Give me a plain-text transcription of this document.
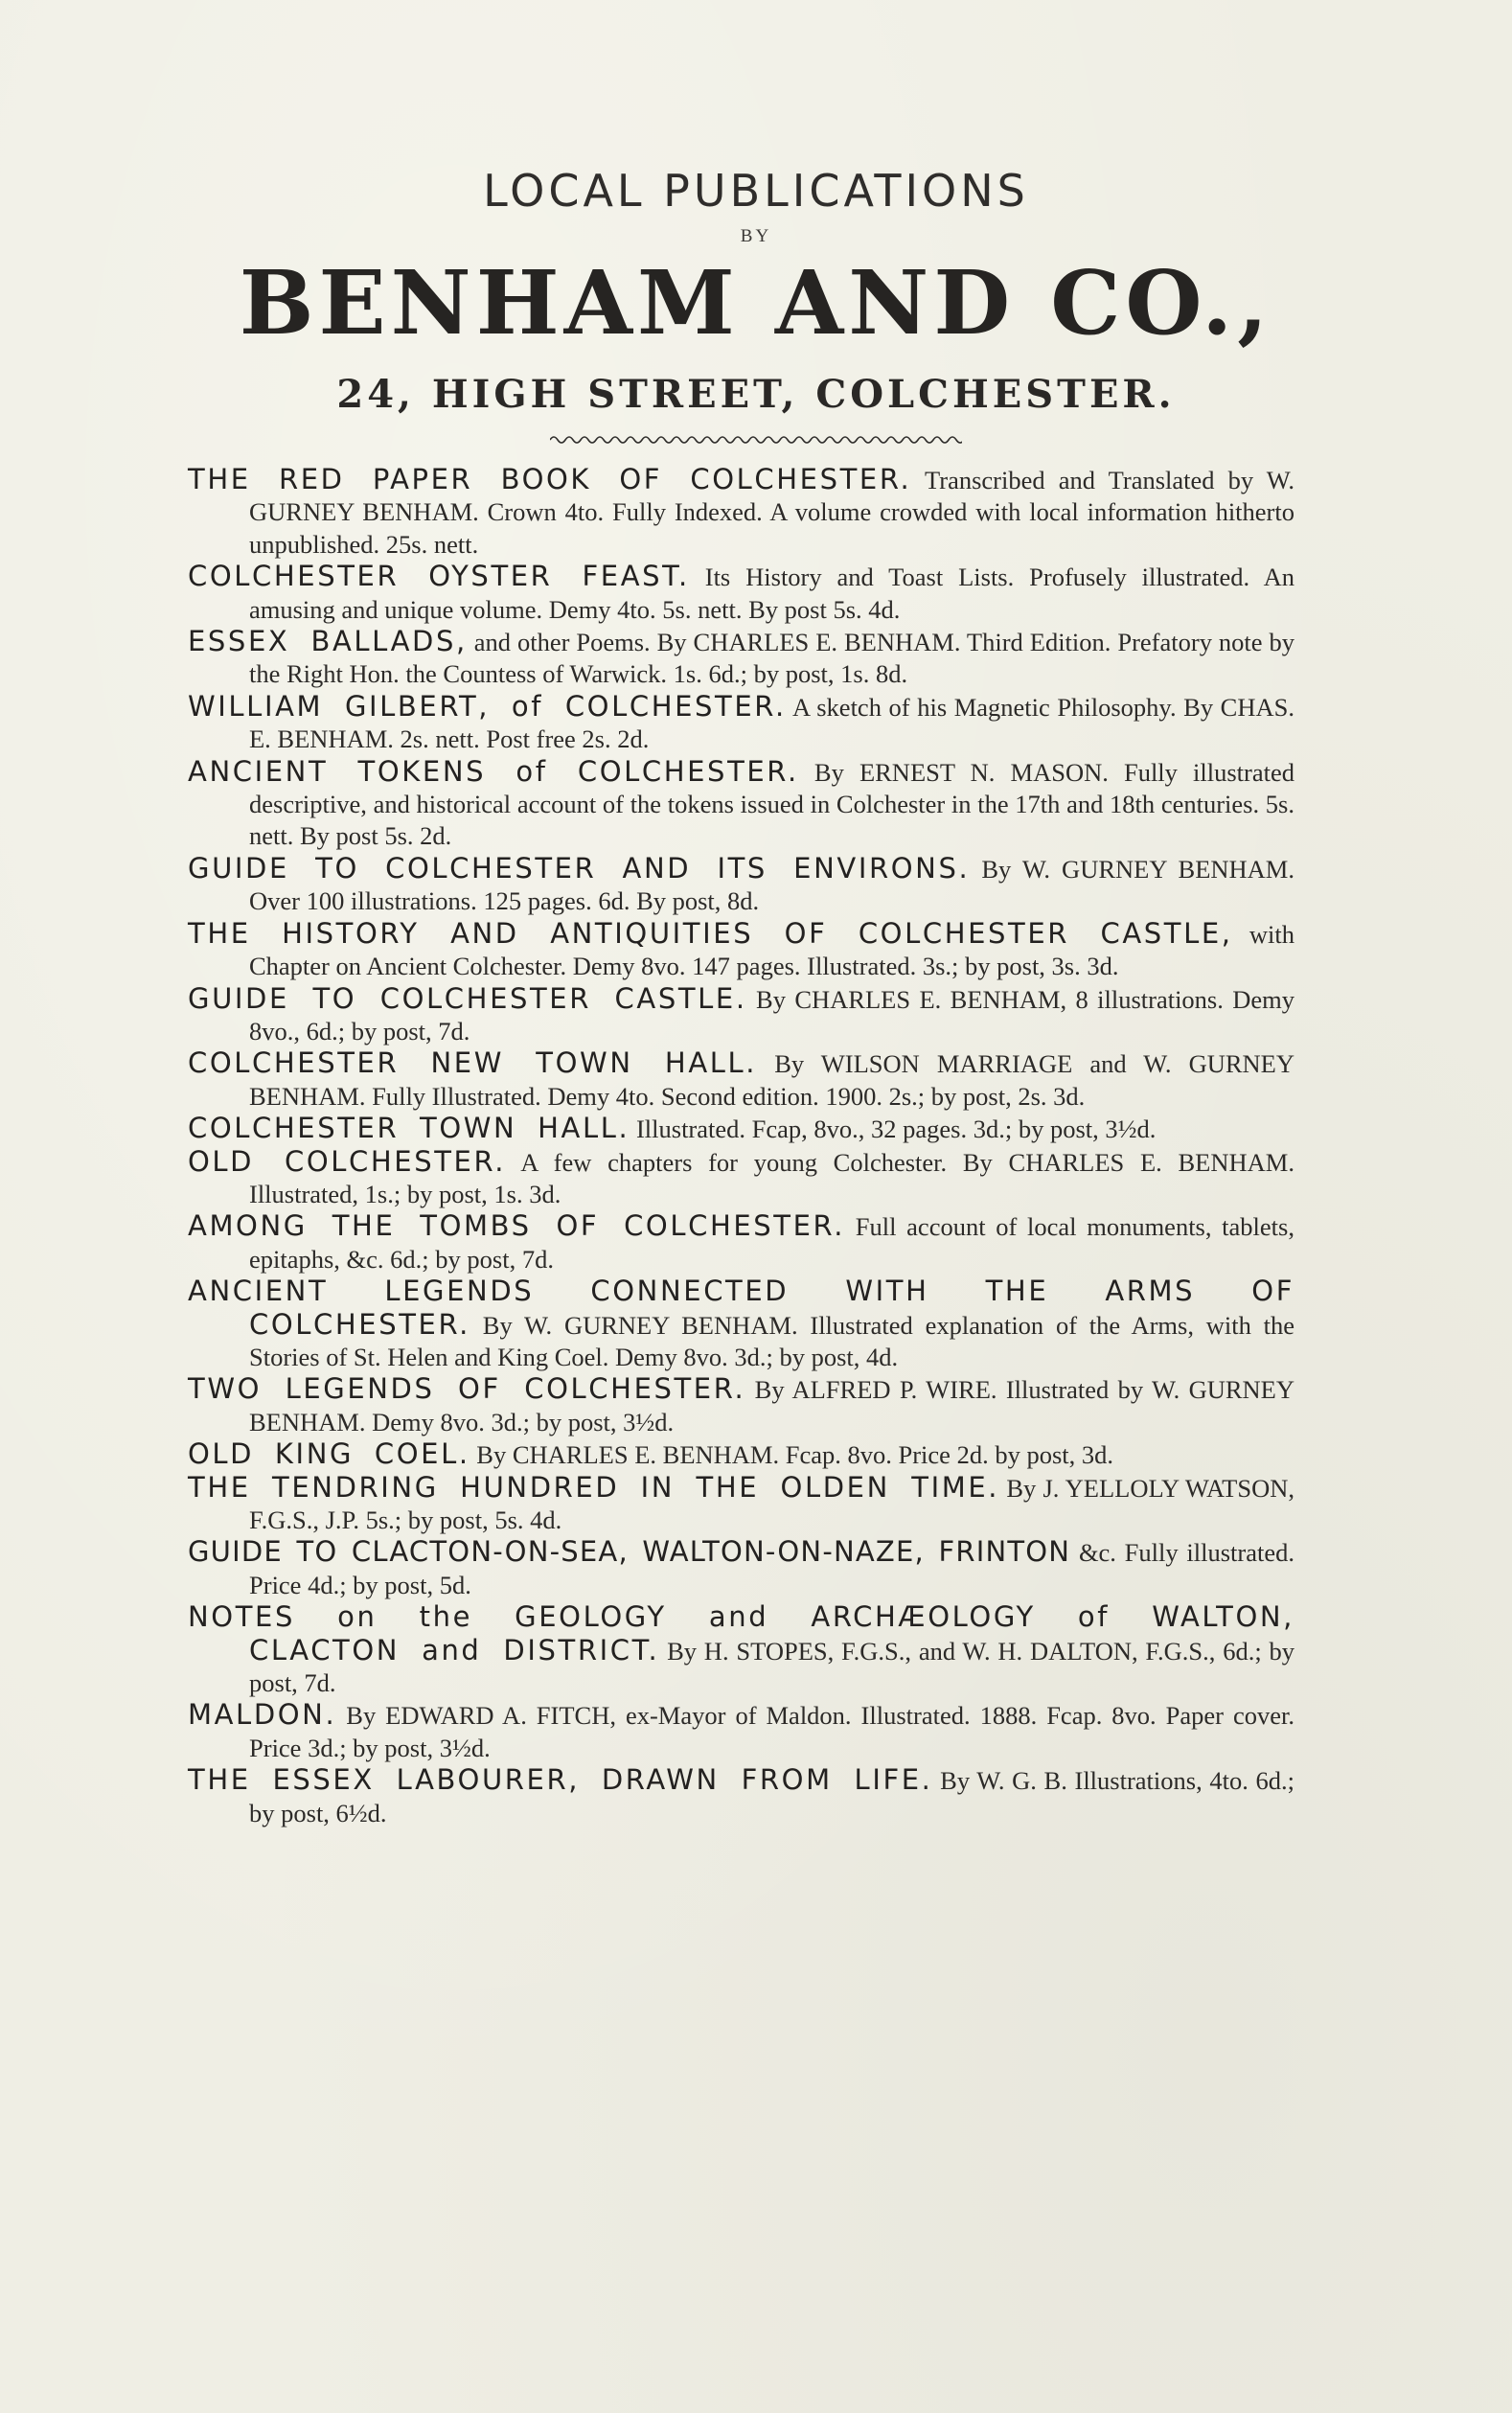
LOCAL PUBLICATIONS
BY
BENHAM AND CO.,
24, HIGH STREET, COLCHESTER.
THE RED PAPER BOOK OF COLCHESTER. Transcribed and Translated by W. GURNEY BENHAM. Crown 4to. Fully Indexed. A volume crowded with local information hitherto unpublished. 25s. nett.
COLCHESTER OYSTER FEAST. Its History and Toast Lists. Profusely illustrated. An amusing and unique volume. Demy 4to. 5s. nett. By post 5s. 4d.
ESSEX BALLADS, and other Poems. By CHARLES E. BENHAM. Third Edition. Prefatory note by the Right Hon. the Countess of Warwick. 1s. 6d.; by post, 1s. 8d.
WILLIAM GILBERT, of COLCHESTER. A sketch of his Magnetic Philosophy. By CHAS. E. BENHAM. 2s. nett. Post free 2s. 2d.
ANCIENT TOKENS of COLCHESTER. By ERNEST N. MASON. Fully illustrated descriptive, and historical account of the tokens issued in Colchester in the 17th and 18th centuries. 5s. nett. By post 5s. 2d.
GUIDE TO COLCHESTER AND ITS ENVIRONS. By W. GURNEY BENHAM. Over 100 illustrations. 125 pages. 6d. By post, 8d.
THE HISTORY AND ANTIQUITIES OF COLCHESTER CASTLE, with Chapter on Ancient Colchester. Demy 8vo. 147 pages. Illustrated. 3s.; by post, 3s. 3d.
GUIDE TO COLCHESTER CASTLE. By CHARLES E. BENHAM, 8 illustrations. Demy 8vo., 6d.; by post, 7d.
COLCHESTER NEW TOWN HALL. By WILSON MARRIAGE and W. GURNEY BENHAM. Fully Illustrated. Demy 4to. Second edition. 1900. 2s.; by post, 2s. 3d.
COLCHESTER TOWN HALL. Illustrated. Fcap, 8vo., 32 pages. 3d.; by post, 3½d.
OLD COLCHESTER. A few chapters for young Colchester. By CHARLES E. BENHAM. Illustrated, 1s.; by post, 1s. 3d.
AMONG THE TOMBS OF COLCHESTER. Full account of local monuments, tablets, epitaphs, &c. 6d.; by post, 7d.
ANCIENT LEGENDS CONNECTED WITH THE ARMS OF COLCHESTER. By W. GURNEY BENHAM. Illustrated explanation of the Arms, with the Stories of St. Helen and King Coel. Demy 8vo. 3d.; by post, 4d.
TWO LEGENDS OF COLCHESTER. By ALFRED P. WIRE. Illustrated by W. GURNEY BENHAM. Demy 8vo. 3d.; by post, 3½d.
OLD KING COEL. By CHARLES E. BENHAM. Fcap. 8vo. Price 2d. by post, 3d.
THE TENDRING HUNDRED IN THE OLDEN TIME. By J. YELLOLY WATSON, F.G.S., J.P. 5s.; by post, 5s. 4d.
GUIDE TO CLACTON-ON-SEA, WALTON-ON-NAZE, FRINTON &c. Fully illustrated. Price 4d.; by post, 5d.
NOTES on the GEOLOGY and ARCHÆOLOGY of WALTON, CLACTON and DISTRICT. By H. STOPES, F.G.S., and W. H. DALTON, F.G.S., 6d.; by post, 7d.
MALDON. By EDWARD A. FITCH, ex-Mayor of Maldon. Illustrated. 1888. Fcap. 8vo. Paper cover. Price 3d.; by post, 3½d.
THE ESSEX LABOURER, DRAWN FROM LIFE. By W. G. B. Illustrations, 4to. 6d.; by post, 6½d.
